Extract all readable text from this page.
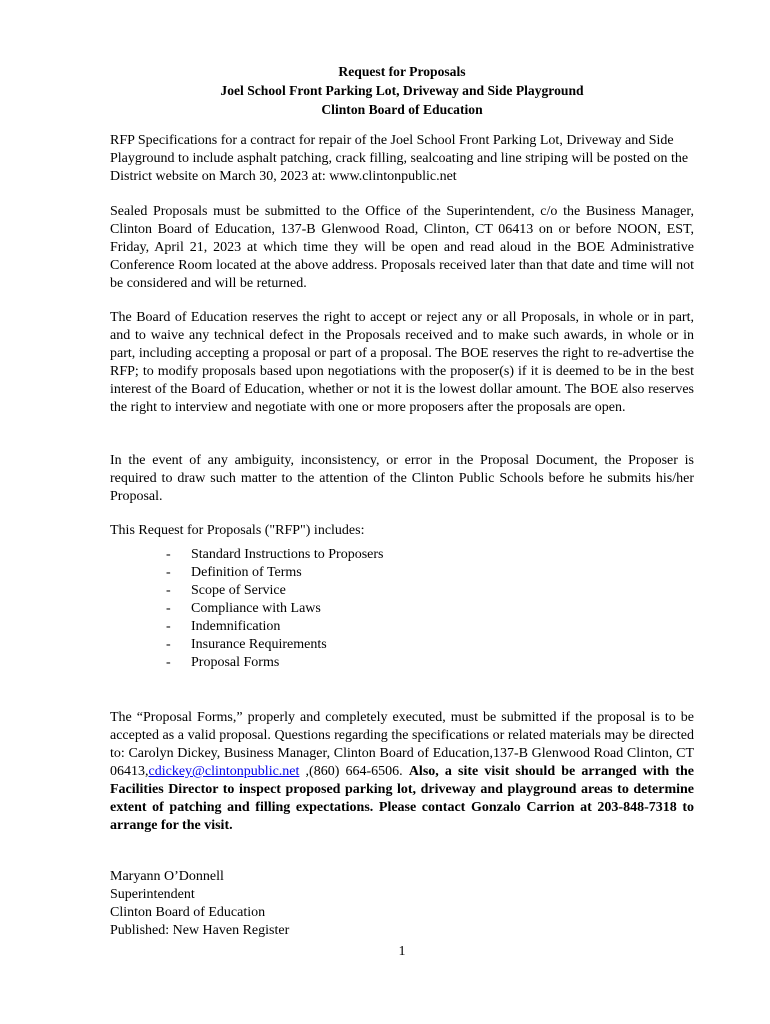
Request for Proposals
Joel School Front Parking Lot, Driveway and Side Playground
Clinton Board of Education

RFP Specifications for a contract for repair of the Joel School Front Parking Lot, Driveway and Side Playground to include asphalt patching, crack filling, sealcoating and line striping will be posted on the District website on March 30, 2023 at: www.clintonpublic.net

Sealed Proposals must be submitted to the Office of the Superintendent, c/o the Business Manager, Clinton Board of Education, 137-B Glenwood Road, Clinton, CT 06413 on or before NOON, EST, Friday, April 21, 2023 at which time they will be open and read aloud in the BOE Administrative Conference Room located at the above address. Proposals received later than that date and time will not be considered and will be returned.

The Board of Education reserves the right to accept or reject any or all Proposals, in whole or in part, and to waive any technical defect in the Proposals received and to make such awards, in whole or in part, including accepting a proposal or part of a proposal. The BOE reserves the right to re-advertise the RFP; to modify proposals based upon negotiations with the proposer(s) if it is deemed to be in the best interest of the Board of Education, whether or not it is the lowest dollar amount. The BOE also reserves the right to interview and negotiate with one or more proposers after the proposals are open.

In the event of any ambiguity, inconsistency, or error in the Proposal Document, the Proposer is required to draw such matter to the attention of the Clinton Public Schools before he submits his/her Proposal.

This Request for Proposals ("RFP") includes:

- Standard Instructions to Proposers
- Definition of Terms
- Scope of Service
- Compliance with Laws
- Indemnification
- Insurance Requirements
- Proposal Forms

The “Proposal Forms,” properly and completely executed, must be submitted if the proposal is to be accepted as a valid proposal. Questions regarding the specifications or related materials may be directed to: Carolyn Dickey, Business Manager, Clinton Board of Education,137-B Glenwood Road Clinton, CT 06413,cdickey@clintonpublic.net ,(860) 664-6506. Also, a site visit should be arranged with the Facilities Director to inspect proposed parking lot, driveway and playground areas to determine extent of patching and filling expectations. Please contact Gonzalo Carrion at 203-848-7318 to arrange for the visit.

Maryann O’Donnell
Superintendent
Clinton Board of Education
Published: New Haven Register
1
